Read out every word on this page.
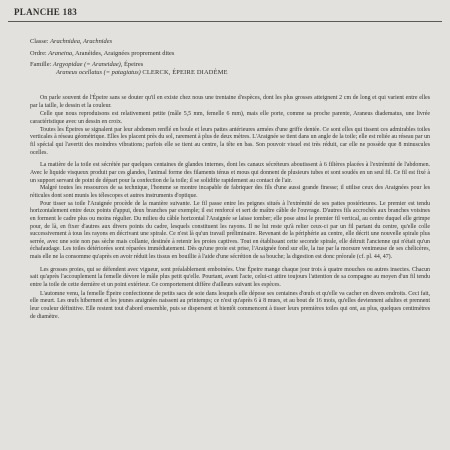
PLANCHE 183
Classe: Arachnidea, Arachnides
Ordre: Araneina, Aranéides, Araignées proprement dites
Famille: Argyopidae (= Araneidae), Épeires
Araneus ocellatus (= patagiatus) CLERCK, ÉPEIRE DIADÈME

On parle souvent de l'Épeire sans se douter qu'il en existe chez nous une trentaine d'espèces, dont les plus grosses atteignent 2 cm de long et qui varient entre elles par la taille, le dessin et la couleur.

Celle que nous reproduisons est relativement petite (mâle 5,5 mm, femelle 6 mm), mais elle porte, comme sa proche parente, Araneus diadematus, une livrée caractéristique avec un dessin en croix.

Toutes les Épeires se signalent par leur abdomen renflé en boule et leurs pattes antérieures armées d'une griffe dentée. Ce sont elles qui tissent ces admirables toiles verticales à réseau géométrique. Elles les placent près du sol, rarement à plus de deux mètres. L'Araignée se tient dans un angle de la toile; elle est reliée au réseau par un fil spécial qui l'avertit des moindres vibrations; parfois elle se tient au centre, la tête en bas. Son pouvoir visuel est très réduit, car elle ne possède que 8 minuscules ocelles.

La matière de la toile est sécrétée par quelques centaines de glandes internes, dont les canaux sécréteurs aboutissent à 6 filières placées à l'extrémité de l'abdomen. Avec le liquide visqueux produit par ces glandes, l'animal forme des filaments ténus et mous qui donnent de plusieurs tubes et sont soudés en un seul fil. Ce fil est fixé à un support servant de point de départ pour la confection de la toile; il se solidifie rapidement au contact de l'air.

Malgré toutes les ressources de sa technique, l'homme se montre incapable de fabriquer des fils d'une aussi grande finesse; il utilise ceux des Araignées pour les réticules dont sont munis les télescopes et autres instruments d'optique.

Pour tisser sa toile l'Araignée procède de la manière suivante. Le fil passe entre les peignes situés à l'extrémité de ses pattes postérieures. Le premier est tendu horizontalement entre deux points d'appui, deux branches par exemple; il est renforcé et sert de maître câble de l'ouvrage. D'autres fils accrochés aux branches voisines en forment le cadre plus ou moins régulier. Du milieu du câble horizontal l'Araignée se laisse tomber; elle pose ainsi le premier fil vertical, au centre duquel elle grimpe pour, de là, en fixer d'autres aux divers points du cadre, lesquels constituent les rayons. Il ne lui reste qu'à relier ceux-ci par un fil partant du centre, qu'elle colle successivement à tous les rayons en décrivant une spirale. Ce n'est là qu'un travail préliminaire. Revenant de la périphérie au centre, elle décrit une nouvelle spirale plus serrée, avec une soie non pas sèche mais collante, destinée à retenir les proies captives. Tout en établissant cette seconde spirale, elle détruit l'ancienne qui n'était qu'un échafaudage. Les toiles détériorées sont réparées immédiatement. Dès qu'une proie est prise, l'Araignée fond sur elle, la tue par la morsure venimeuse de ses chélicères, mais elle ne la consomme qu'après en avoir réduit les tissus en bouillie à l'aide d'une sécrétion de sa bouche; la digestion est donc préorale (cf. pl. 44, 47).

Les grosses proies, qui se défendent avec vigueur, sont préalablement emboinées. Une Épeire mange chaque jour trois à quatre mouches ou autres insectes. Chacun sait qu'après l'accouplement la femelle dévore le mâle plus petit qu'elle. Pourtant, avant l'acte, celui-ci attire toujours l'attention de sa compagne au moyen d'un fil tendu entre la toile de cette dernière et un point extérieur. Ce comportement diffère d'ailleurs suivant les espèces.

L'automne venu, la femelle Épeire confectionne de petits sacs de soie dans lesquels elle dépose ses centaines d'œufs et qu'elle va cacher en divers endroits. Ceci fait, elle meurt. Les œufs hibernent et les jeunes araignées naissent au printemps; ce n'est qu'après 6 à 8 mues, et au bout de 16 mois, qu'elles deviennent adultes et prennent leur couleur définitive. Elle restent tout d'abord ensemble, puis se dispersent et bientôt commencent à tisser leurs premières toiles qui ont, au plus, quelques centimètres de diamètre.
